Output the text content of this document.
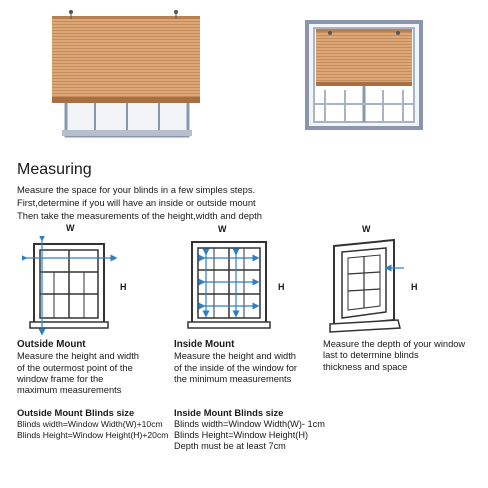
Measuring
Measure the space for your blinds in a few simples steps.
First,determine if you will have an inside or outside mount
Then take the measurements of the height,width and depth
W
H
W
H
W
H
Outside Mount
Measure the height and width
of the outermost point of the
window frame for the
maximum measurements
Inside Mount
Measure the height and width
of the inside of the window for
the minimum measurements
Measure the depth of your window
last to determine blinds
thickness and space
Outside Mount Blinds size
Blinds width=Window Width(W)+10cm
Blinds Height=Window Height(H)+20cm
Inside Mount Blinds size
Blinds width=Window Width(W)- 1cm
Blinds Height=Window Height(H)
Depth must be at least 7cm
